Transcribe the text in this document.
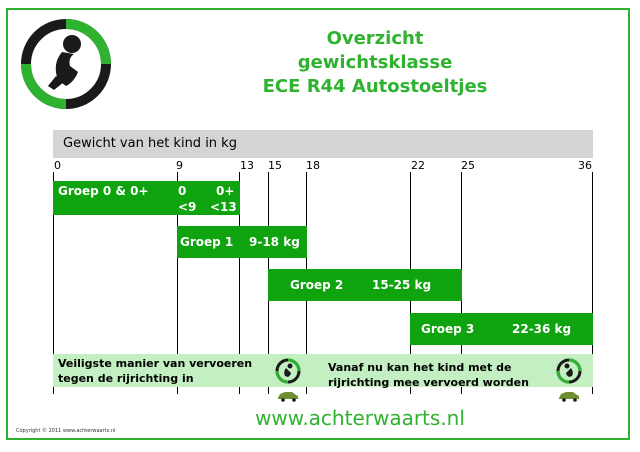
Overzicht
gewichtsklasse
ECE R44 Autostoeltjes
Gewicht van het kind in kg
0	9	13 15 18	22	25	36
Groep 0 & 0+ 0
<9
0+
<13
Groep 1 9-18 kg
Groep 2 15-25 kg
Groep 3	22-36 kg
Veiligste manier van vervoeren
tegen de rijrichting in
Vanaf nu kan het kind met de
rijrichting mee vervoerd worden
www.achterwaarts.nl
Copyright © 2011 www.achterwaarts.nl
